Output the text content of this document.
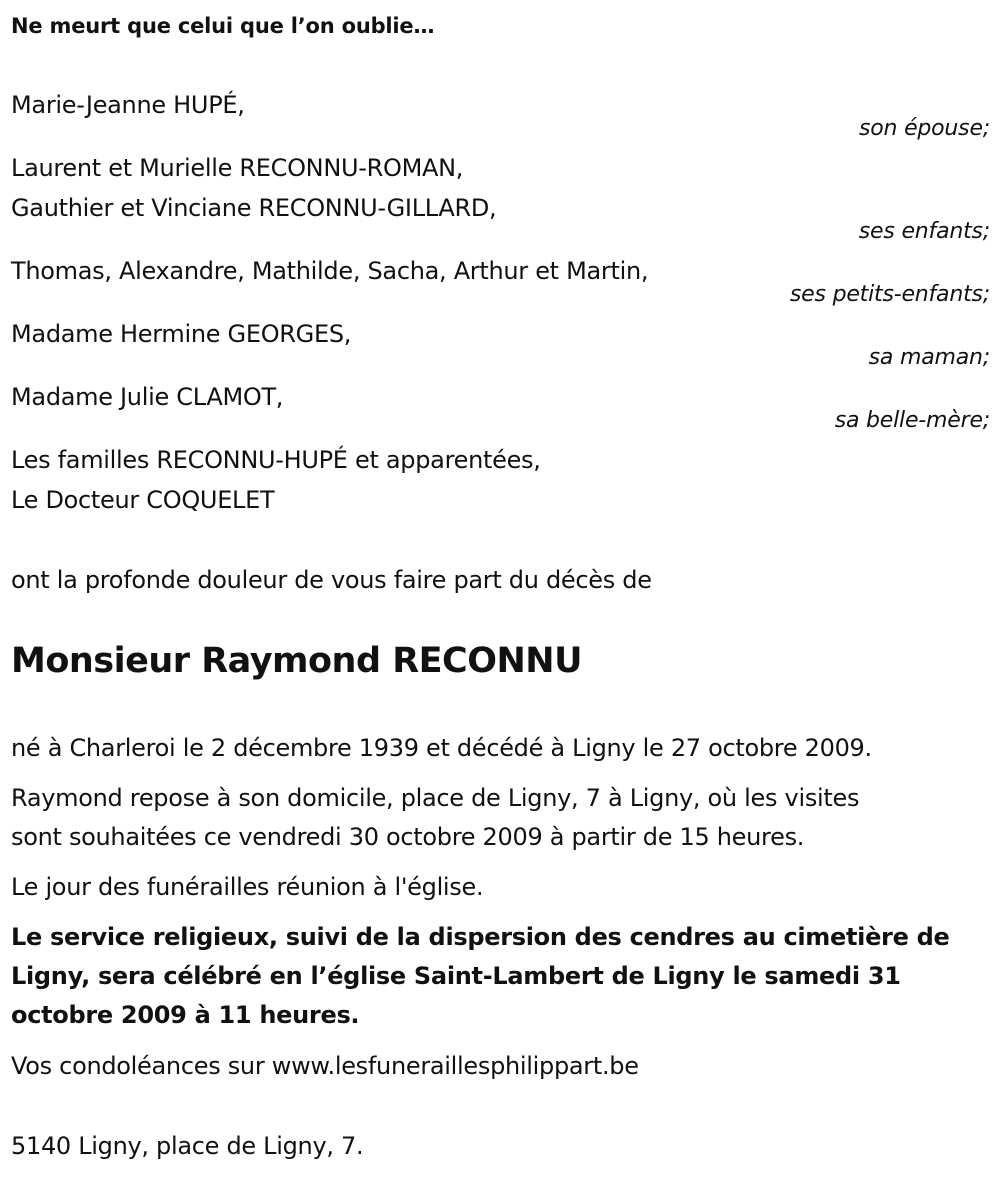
Ne meurt que celui que l’on oublie…
Marie-Jeanne HUPÉ,
son épouse;
Laurent et Murielle RECONNU-ROMAN,
Gauthier et Vinciane RECONNU-GILLARD,
ses enfants;
Thomas, Alexandre, Mathilde, Sacha, Arthur et Martin,
ses petits-enfants;
Madame Hermine GEORGES,
sa maman;
Madame Julie CLAMOT,
sa belle-mère;
Les familles RECONNU-HUPÉ et apparentées,
Le Docteur COQUELET
ont la profonde douleur de vous faire part du décès de
Monsieur Raymond RECONNU
né à Charleroi le 2 décembre 1939 et décédé à Ligny le 27 octobre 2009.
Raymond repose à son domicile, place de Ligny, 7 à Ligny, où les visites
sont souhaitées ce vendredi 30 octobre 2009 à partir de 15 heures.
Le jour des funérailles réunion à l'église.
Le service religieux, suivi de la dispersion des cendres au cimetière de
Ligny, sera célébré en l’église Saint-Lambert de Ligny le samedi 31
octobre 2009 à 11 heures.
Vos condoléances sur www.lesfuneraillesphilippart.be
5140 Ligny, place de Ligny, 7.
